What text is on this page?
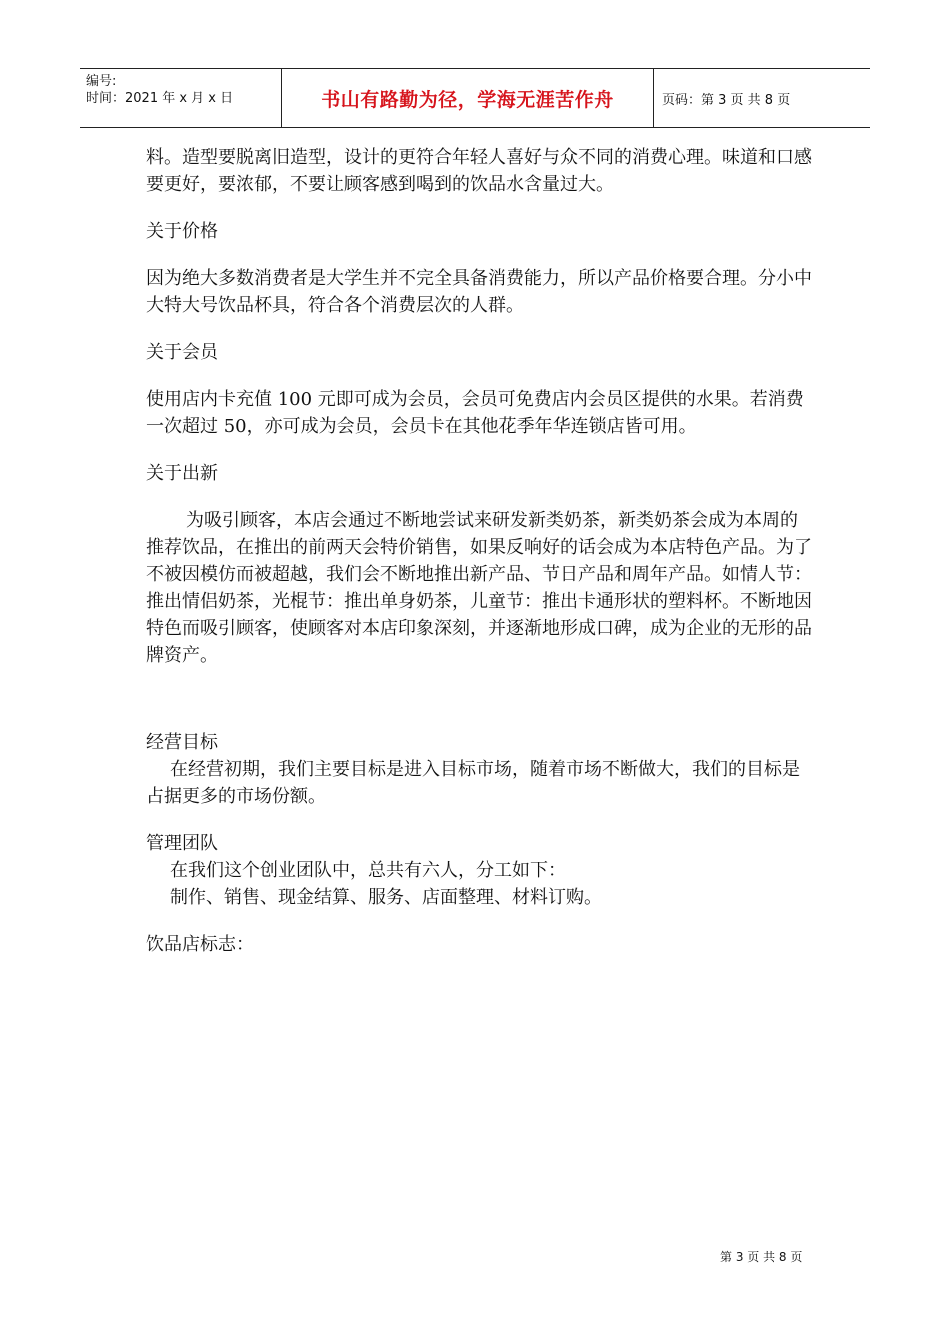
编号:
时间：2021 年 x 月 x 日	书山有路勤为径，学海无涯苦作舟	页码：第 3 页 共 8 页

料。造型要脱离旧造型，设计的更符合年轻人喜好与众不同的消费心理。味道和口感要更好，要浓郁，不要让顾客感到喝到的饮品水含量过大。

关于价格

因为绝大多数消费者是大学生并不完全具备消费能力，所以产品价格要合理。分小中大特大号饮品杯具，符合各个消费层次的人群。

关于会员

使用店内卡充值 100 元即可成为会员，会员可免费店内会员区提供的水果。若消费一次超过 50，亦可成为会员，会员卡在其他花季年华连锁店皆可用。

关于出新

为吸引顾客，本店会通过不断地尝试来研发新类奶茶，新类奶茶会成为本周的推荐饮品，在推出的前两天会特价销售，如果反响好的话会成为本店特色产品。为了不被因模仿而被超越，我们会不断地推出新产品、节日产品和周年产品。如情人节：推出情侣奶茶，光棍节：推出单身奶茶，儿童节：推出卡通形状的塑料杯。不断地因特色而吸引顾客，使顾客对本店印象深刻，并逐渐地形成口碑，成为企业的无形的品牌资产。

经营目标

在经营初期，我们主要目标是进入目标市场，随着市场不断做大，我们的目标是占据更多的市场份额。

管理团队

在我们这个创业团队中，总共有六人，分工如下：

制作、销售、现金结算、服务、店面整理、材料订购。

饮品店标志：

第 3 页 共 8 页
